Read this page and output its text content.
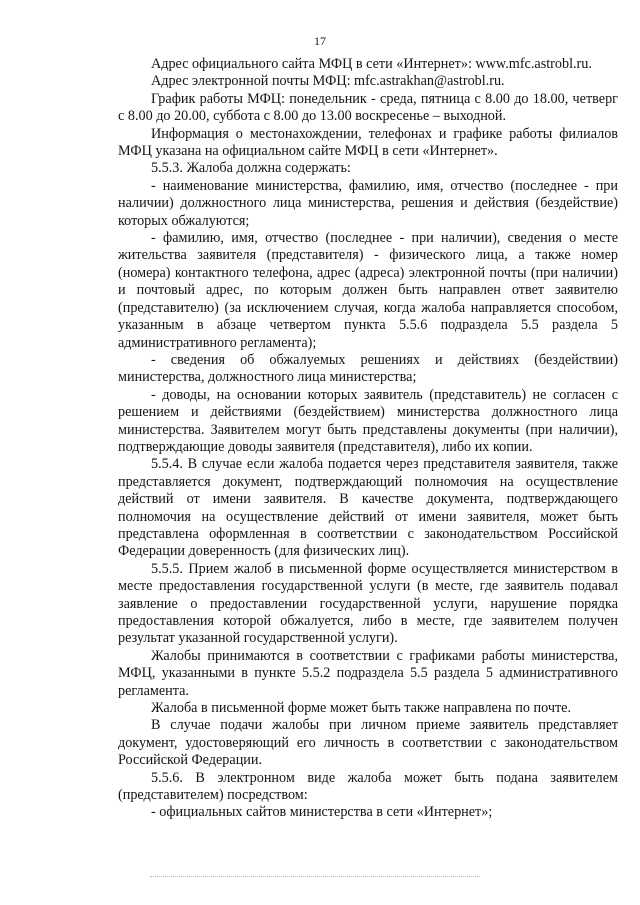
17

Адрес официального сайта МФЦ в сети «Интернет»: www.mfc.astrobl.ru.

Адрес электронной почты МФЦ: mfc.astrakhan@astrobl.ru.

График работы МФЦ: понедельник - среда, пятница с 8.00 до 18.00, четверг с 8.00 до 20.00, суббота с 8.00 до 13.00 воскресенье – выходной.

Информация о местонахождении, телефонах и графике работы филиалов МФЦ указана на официальном сайте МФЦ в сети «Интернет».

5.5.3. Жалоба должна содержать:

- наименование министерства, фамилию, имя, отчество (последнее - при наличии) должностного лица министерства, решения и действия (бездействие) которых обжалуются;

- фамилию, имя, отчество (последнее - при наличии), сведения о месте жительства заявителя (представителя) - физического лица, а также номер (номера) контактного телефона, адрес (адреса) электронной почты (при наличии) и почтовый адрес, по которым должен быть направлен ответ заявителю (представителю) (за исключением случая, когда жалоба направляется способом, указанным в абзаце четвертом пункта 5.5.6 подраздела 5.5 раздела 5 административного регламента);

- сведения об обжалуемых решениях и действиях (бездействии) министерства, должностного лица министерства;

- доводы, на основании которых заявитель (представитель) не согласен с решением и действиями (бездействием) министерства должностного лица министерства. Заявителем могут быть представлены документы (при наличии), подтверждающие доводы заявителя (представителя), либо их копии.

5.5.4. В случае если жалоба подается через представителя заявителя, также представляется документ, подтверждающий полномочия на осуществление действий от имени заявителя. В качестве документа, подтверждающего полномочия на осуществление действий от имени заявителя, может быть представлена оформленная в соответствии с законодательством Российской Федерации доверенность (для физических лиц).

5.5.5. Прием жалоб в письменной форме осуществляется министерством в месте предоставления государственной услуги (в месте, где заявитель подавал заявление о предоставлении государственной услуги, нарушение порядка предоставления которой обжалуется, либо в месте, где заявителем получен результат указанной государственной услуги).

Жалобы принимаются в соответствии с графиками работы министерства, МФЦ, указанными в пункте 5.5.2 подраздела 5.5 раздела 5 административного регламента.

Жалоба в письменной форме может быть также направлена по почте.

В случае подачи жалобы при личном приеме заявитель представляет документ, удостоверяющий его личность в соответствии с законодательством Российской Федерации.

5.5.6. В электронном виде жалоба может быть подана заявителем (представителем) посредством:

- официальных сайтов министерства в сети «Интернет»;
